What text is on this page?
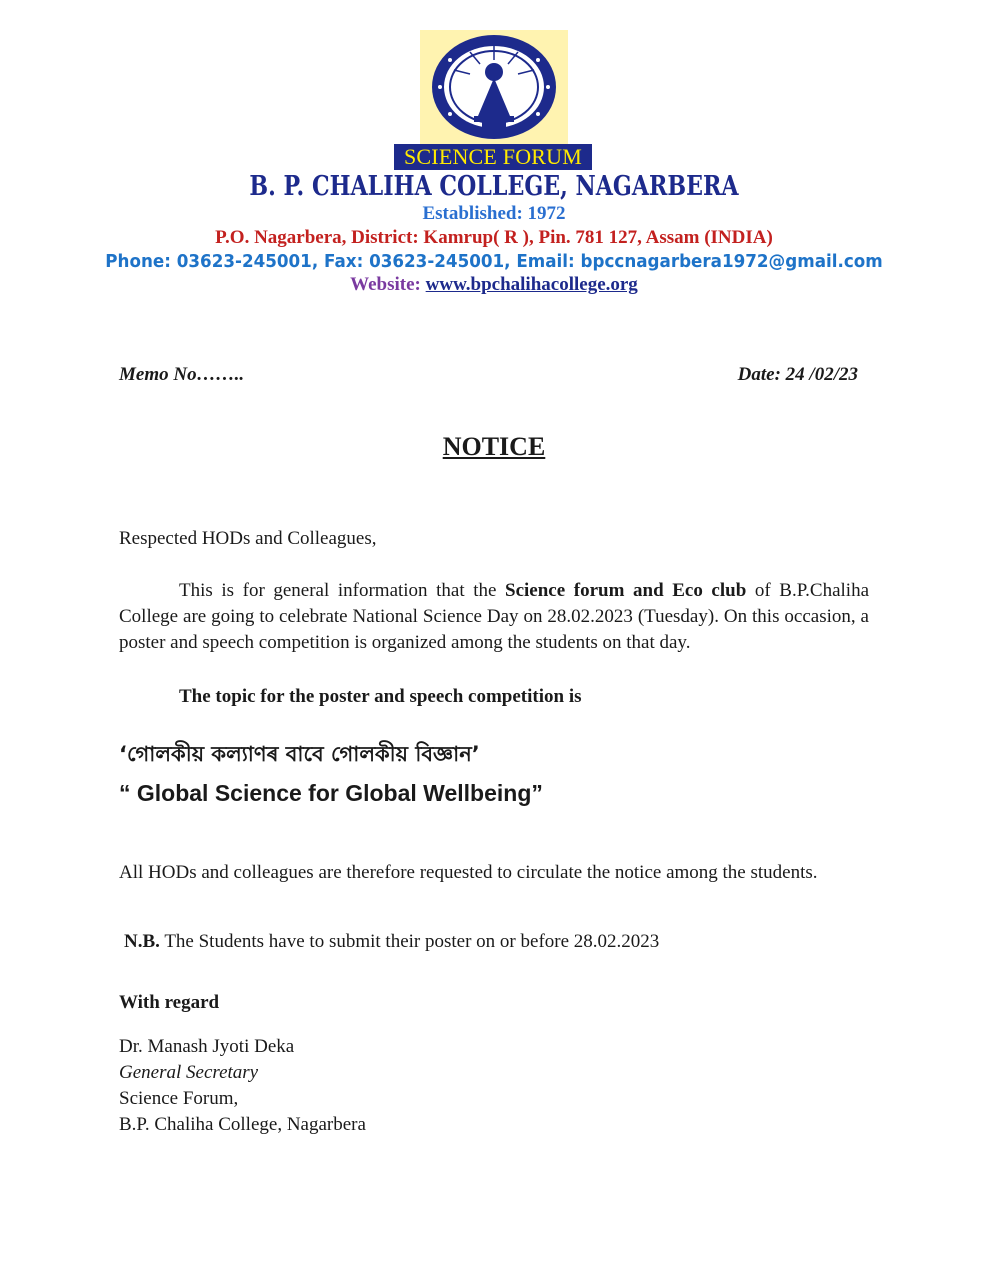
SCIENCE FORUM
B. P. CHALIHA COLLEGE, NAGARBERA
Established: 1972
P.O. Nagarbera, District: Kamrup( R ), Pin. 781 127, Assam (INDIA)
Phone: 03623-245001, Fax: 03623-245001, Email: bpccnagarbera1972@gmail.com
Website: www.bpchalihacollege.org
Memo No……..	Date: 24 /02/23
NOTICE
Respected HODs and Colleagues,
This is for general information that the Science forum and Eco club of B.P.Chaliha College are going to celebrate National Science Day on 28.02.2023 (Tuesday). On this occasion, a poster and speech competition is organized among the students on that day.
The topic for the poster and speech competition is
‘গোলকীয় কল্যাণৰ বাবে গোলকীয় বিজ্ঞান’
“ Global Science for Global Wellbeing”
All HODs and colleagues are therefore requested to circulate the notice among the students.
N.B. The Students have to submit their poster on or before 28.02.2023
With regard
Dr. Manash Jyoti Deka
General Secretary
Science Forum,
B.P. Chaliha College, Nagarbera
